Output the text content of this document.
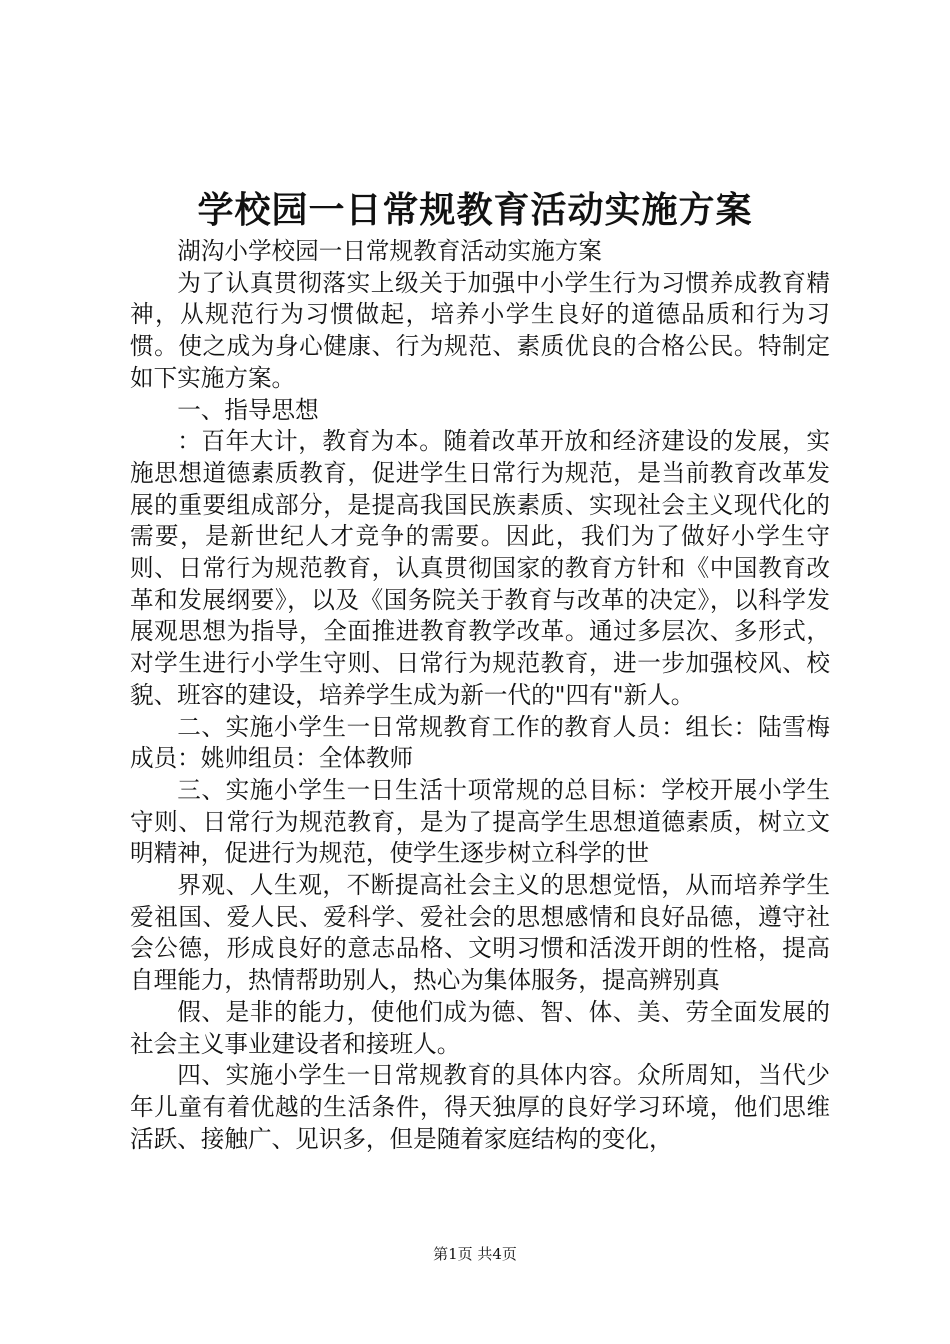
学校园一日常规教育活动实施方案

湖沟小学校园一日常规教育活动实施方案

为了认真贯彻落实上级关于加强中小学生行为习惯养成教育精神，从规范行为习惯做起，培养小学生良好的道德品质和行为习惯。使之成为身心健康、行为规范、素质优良的合格公民。特制定如下实施方案。

一、指导思想

：百年大计，教育为本。随着改革开放和经济建设的发展，实施思想道德素质教育，促进学生日常行为规范，是当前教育改革发展的重要组成部分，是提高我国民族素质、实现社会主义现代化的需要，是新世纪人才竞争的需要。因此，我们为了做好小学生守则、日常行为规范教育，认真贯彻国家的教育方针和《中国教育改革和发展纲要》，以及《国务院关于教育与改革的决定》，以科学发展观思想为指导，全面推进教育教学改革。通过多层次、多形式，对学生进行小学生守则、日常行为规范教育，进一步加强校风、校貌、班容的建设，培养学生成为新一代的"四有"新人。

二、实施小学生一日常规教育工作的教育人员：组长：陆雪梅成员：姚帅组员：全体教师

三、实施小学生一日生活十项常规的总目标：学校开展小学生守则、日常行为规范教育，是为了提高学生思想道德素质，树立文明精神，促进行为规范，使学生逐步树立科学的世

界观、人生观，不断提高社会主义的思想觉悟，从而培养学生爱祖国、爱人民、爱科学、爱社会的思想感情和良好品德，遵守社会公德，形成良好的意志品格、文明习惯和活泼开朗的性格，提高自理能力，热情帮助别人，热心为集体服务，提高辨别真

假、是非的能力，使他们成为德、智、体、美、劳全面发展的社会主义事业建设者和接班人。

四、实施小学生一日常规教育的具体内容。众所周知，当代少年儿童有着优越的生活条件，得天独厚的良好学习环境，他们思维活跃、接触广、见识多，但是随着家庭结构的变化，

第1页 共4页
